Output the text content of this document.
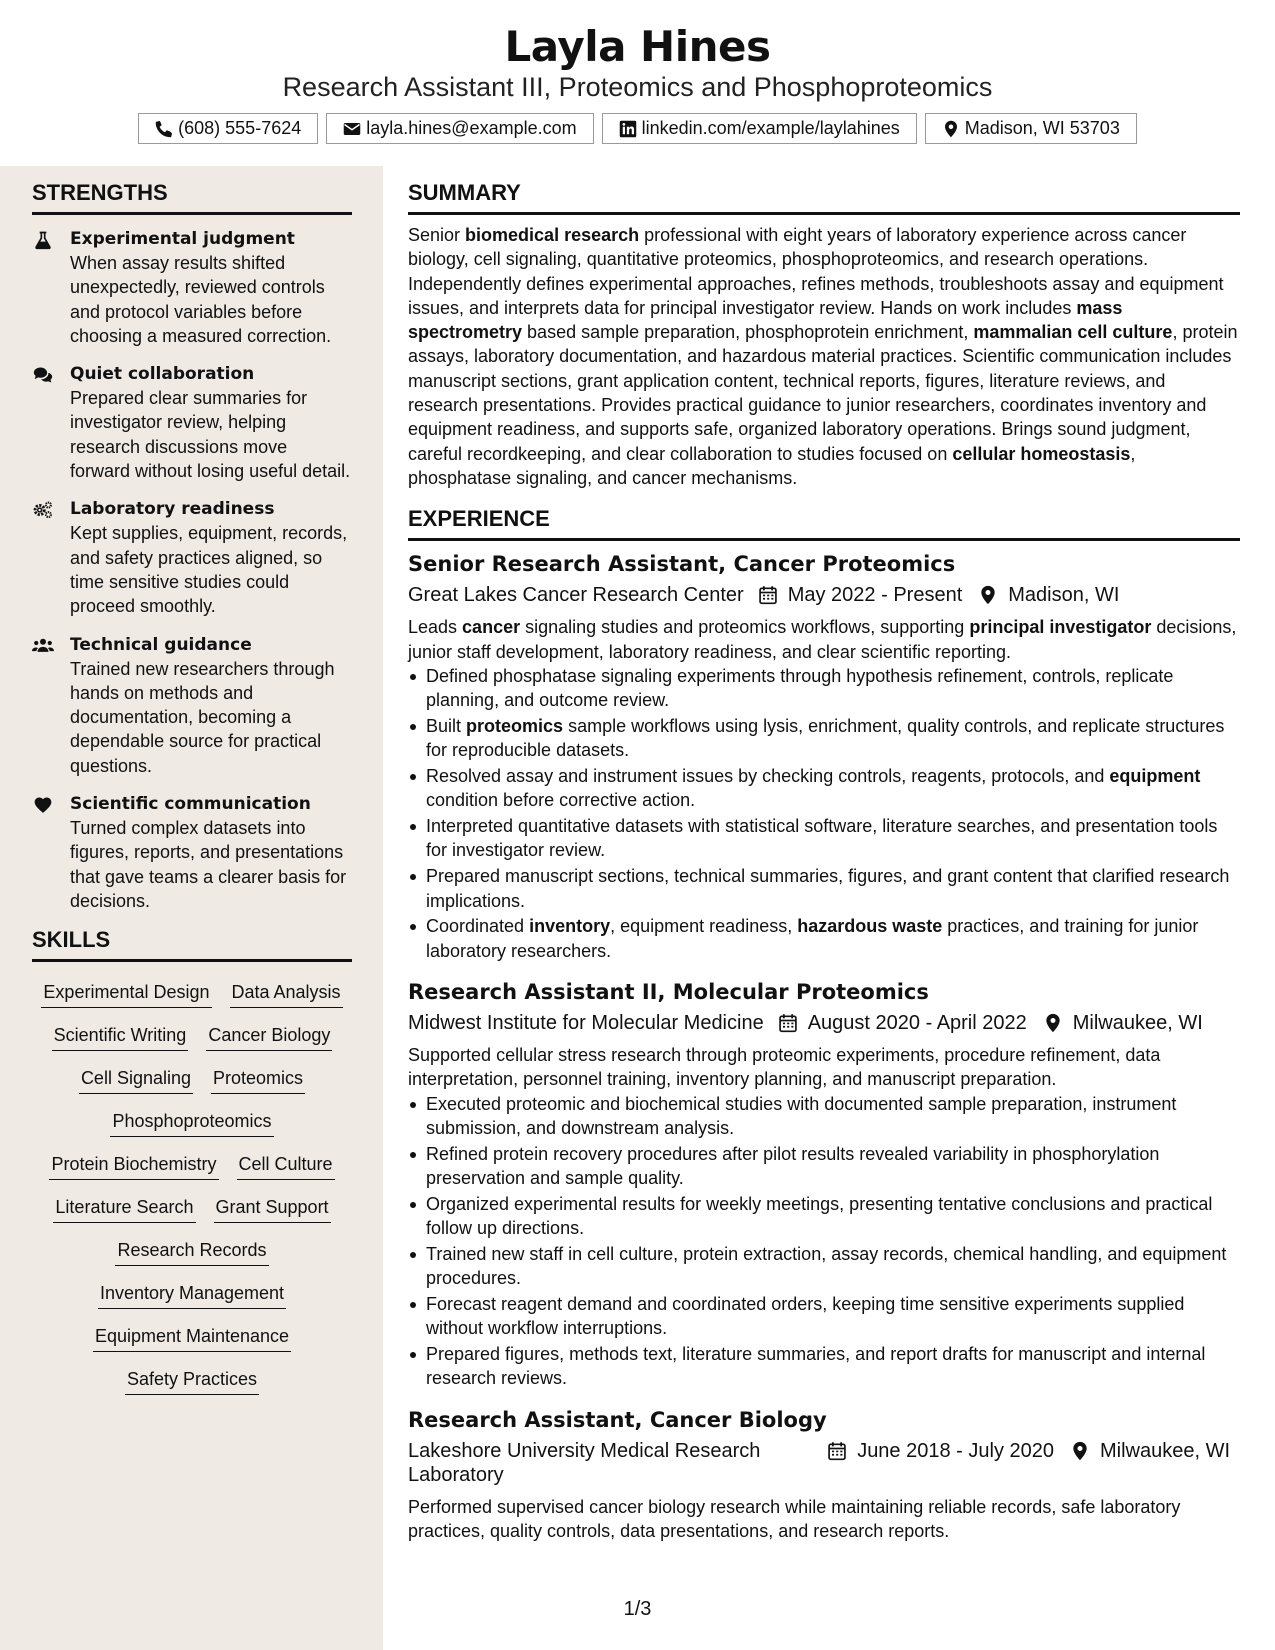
Layla Hines
Research Assistant III, Proteomics and Phosphoproteomics
(608) 555-7624	layla.hines@example.com	linkedin.com/example/laylahines	Madison, WI 53703
STRENGTHS
Experimental judgment
When assay results shifted unexpectedly, reviewed controls and protocol variables before choosing a measured correction.
Quiet collaboration
Prepared clear summaries for investigator review, helping research discussions move forward without losing useful detail.
Laboratory readiness
Kept supplies, equipment, records, and safety practices aligned, so time sensitive studies could proceed smoothly.
Technical guidance
Trained new researchers through hands on methods and documentation, becoming a dependable source for practical questions.
Scientific communication
Turned complex datasets into figures, reports, and presentations that gave teams a clearer basis for decisions.
SKILLS
Experimental Design Data Analysis
Scientific Writing Cancer Biology
Cell Signaling Proteomics
Phosphoproteomics
Protein Biochemistry Cell Culture
Literature Search Grant Support
Research Records
Inventory Management
Equipment Maintenance
Safety Practices
SUMMARY

Senior biomedical research professional with eight years of laboratory experience across cancer biology, cell signaling, quantitative proteomics, phosphoproteomics, and research operations. Independently defines experimental approaches, refines methods, troubleshoots assay and equipment issues, and interprets data for principal investigator review. Hands on work includes mass spectrometry based sample preparation, phosphoprotein enrichment, mammalian cell culture, protein assays, laboratory documentation, and hazardous material practices. Scientific communication includes manuscript sections, grant application content, technical reports, figures, literature reviews, and research presentations. Provides practical guidance to junior researchers, coordinates inventory and equipment readiness, and supports safe, organized laboratory operations. Brings sound judgment, careful recordkeeping, and clear collaboration to studies focused on cellular homeostasis, phosphatase signaling, and cancer mechanisms.

EXPERIENCE
Senior Research Assistant, Cancer Proteomics
Great Lakes Cancer Research Center May 2022 - Present Madison, WI

Leads cancer signaling studies and proteomics workflows, supporting principal investigator decisions, junior staff development, laboratory readiness, and clear scientific reporting.

Defined phosphatase signaling experiments through hypothesis refinement, controls, replicate planning, and outcome review.
Built proteomics sample workflows using lysis, enrichment, quality controls, and replicate structures for reproducible datasets.
Resolved assay and instrument issues by checking controls, reagents, protocols, and equipment condition before corrective action.
Interpreted quantitative datasets with statistical software, literature searches, and presentation tools for investigator review.
Prepared manuscript sections, technical summaries, figures, and grant content that clarified research implications.
Coordinated inventory, equipment readiness, hazardous waste practices, and training for junior laboratory researchers.
Research Assistant II, Molecular Proteomics
Midwest Institute for Molecular Medicine August 2020 - April 2022 Milwaukee, WI

Supported cellular stress research through proteomic experiments, procedure refinement, data interpretation, personnel training, inventory planning, and manuscript preparation.

Executed proteomic and biochemical studies with documented sample preparation, instrument submission, and downstream analysis.
Refined protein recovery procedures after pilot results revealed variability in phosphorylation preservation and sample quality.
Organized experimental results for weekly meetings, presenting tentative conclusions and practical follow up directions.
Trained new staff in cell culture, protein extraction, assay records, chemical handling, and equipment procedures.
Forecast reagent demand and coordinated orders, keeping time sensitive experiments supplied without workflow interruptions.
Prepared figures, methods text, literature summaries, and report drafts for manuscript and internal research reviews.
Research Assistant, Cancer Biology
Lakeshore University Medical Research Laboratory
June 2018 - July 2020 Milwaukee, WI

Performed supervised cancer biology research while maintaining reliable records, safe laboratory practices, quality controls, data presentations, and research reports.

1/3
